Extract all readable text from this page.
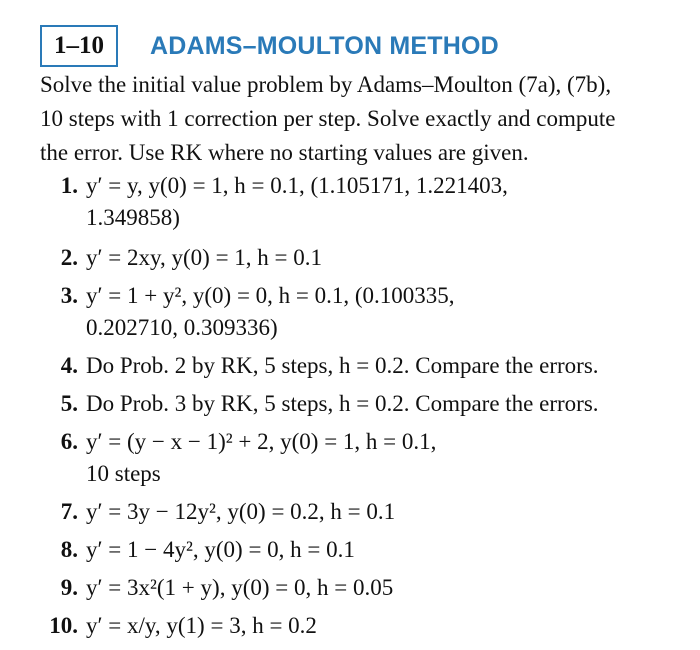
1–10 ADAMS–MOULTON METHOD
Solve the initial value problem by Adams–Moulton (7a), (7b),
10 steps with 1 correction per step. Solve exactly and compute
the error. Use RK where no starting values are given.
1. y′ = y, y(0) = 1, h = 0.1, (1.105171, 1.221403,
1.349858)
2. y′ = 2xy, y(0) = 1, h = 0.1
3. y′ = 1 + y², y(0) = 0, h = 0.1, (0.100335,
0.202710, 0.309336)
4. Do Prob. 2 by RK, 5 steps, h = 0.2. Compare the errors.
5. Do Prob. 3 by RK, 5 steps, h = 0.2. Compare the errors.
6. y′ = (y − x − 1)² + 2, y(0) = 1, h = 0.1,
10 steps
7. y′ = 3y − 12y², y(0) = 0.2, h = 0.1
8. y′ = 1 − 4y², y(0) = 0, h = 0.1
9. y′ = 3x²(1 + y), y(0) = 0, h = 0.05
10. y′ = x/y, y(1) = 3, h = 0.2
